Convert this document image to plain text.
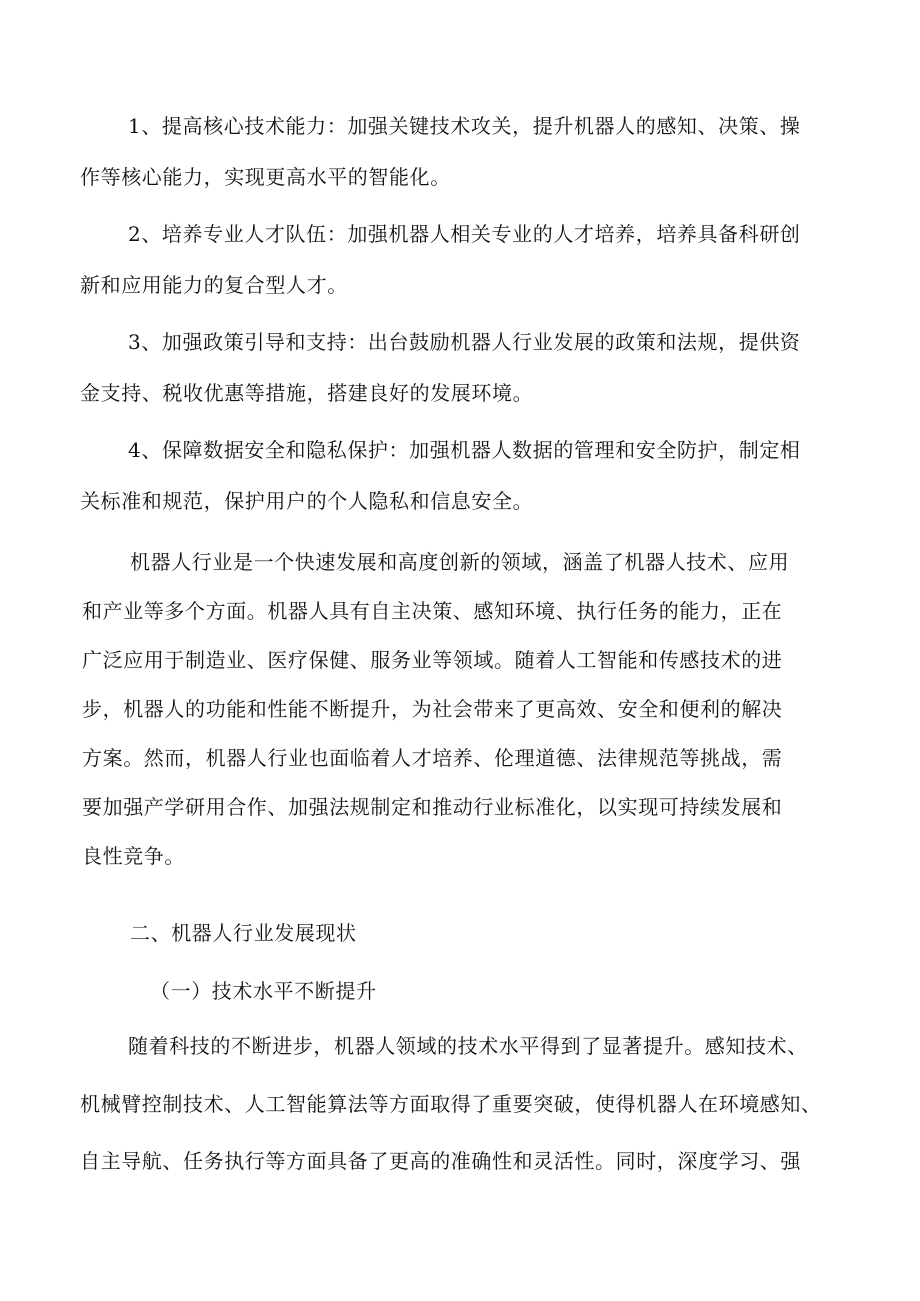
1、提高核心技术能力：加强关键技术攻关，提升机器人的感知、决策、操
作等核心能力，实现更高水平的智能化。
2、培养专业人才队伍：加强机器人相关专业的人才培养，培养具备科研创
新和应用能力的复合型人才。
3、加强政策引导和支持：出台鼓励机器人行业发展的政策和法规，提供资
金支持、税收优惠等措施，搭建良好的发展环境。
4、保障数据安全和隐私保护：加强机器人数据的管理和安全防护，制定相
关标准和规范，保护用户的个人隐私和信息安全。
机器人行业是一个快速发展和高度创新的领域，涵盖了机器人技术、应用
和产业等多个方面。机器人具有自主决策、感知环境、执行任务的能力，正在
广泛应用于制造业、医疗保健、服务业等领域。随着人工智能和传感技术的进
步，机器人的功能和性能不断提升，为社会带来了更高效、安全和便利的解决
方案。然而，机器人行业也面临着人才培养、伦理道德、法律规范等挑战，需
要加强产学研用合作、加强法规制定和推动行业标准化，以实现可持续发展和
良性竞争。
二、机器人行业发展现状
（一）技术水平不断提升
随着科技的不断进步，机器人领域的技术水平得到了显著提升。感知技术、
机械臂控制技术、人工智能算法等方面取得了重要突破，使得机器人在环境感知、
自主导航、任务执行等方面具备了更高的准确性和灵活性。同时，深度学习、强
